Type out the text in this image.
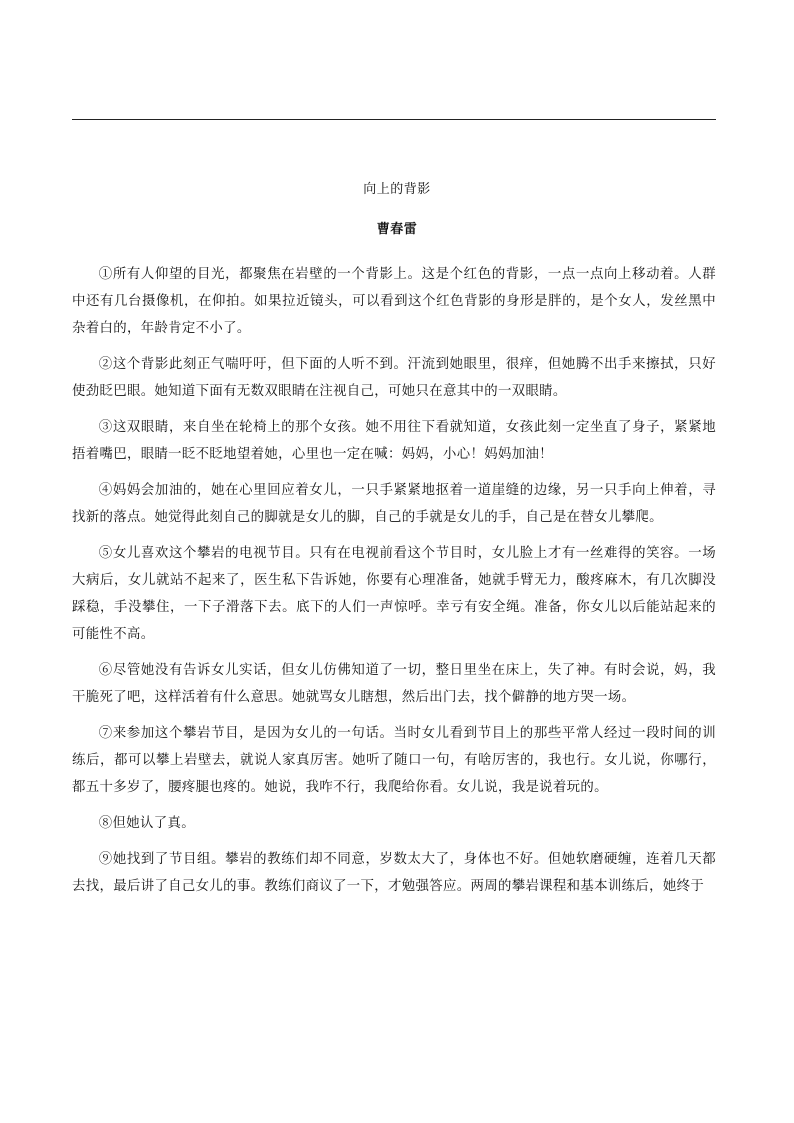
向上的背影
曹春雷

①所有人仰望的目光，都聚焦在岩壁的一个背影上。这是个红色的背影，一点一点向上移动着。人群中还有几台摄像机，在仰拍。如果拉近镜头，可以看到这个红色背影的身形是胖的，是个女人，发丝黑中杂着白的，年龄肯定不小了。

②这个背影此刻正气喘吁吁，但下面的人听不到。汗流到她眼里，很痒，但她腾不出手来擦拭，只好使劲眨巴眼。她知道下面有无数双眼睛在注视自己，可她只在意其中的一双眼睛。

③这双眼睛，来自坐在轮椅上的那个女孩。她不用往下看就知道，女孩此刻一定坐直了身子，紧紧地捂着嘴巴，眼睛一眨不眨地望着她，心里也一定在喊：妈妈，小心！妈妈加油！

④妈妈会加油的，她在心里回应着女儿，一只手紧紧地抠着一道崖缝的边缘，另一只手向上伸着，寻找新的落点。她觉得此刻自己的脚就是女儿的脚，自己的手就是女儿的手，自己是在替女儿攀爬。

⑤女儿喜欢这个攀岩的电视节目。只有在电视前看这个节目时，女儿脸上才有一丝难得的笑容。一场大病后，女儿就站不起来了，医生私下告诉她，你要有心理准备，她就手臂无力，酸疼麻木，有几次脚没踩稳，手没攀住，一下子滑落下去。底下的人们一声惊呼。幸亏有安全绳。准备，你女儿以后能站起来的可能性不高。

⑥尽管她没有告诉女儿实话，但女儿仿佛知道了一切，整日里坐在床上，失了神。有时会说，妈，我干脆死了吧，这样活着有什么意思。她就骂女儿瞎想，然后出门去，找个僻静的地方哭一场。

⑦来参加这个攀岩节目，是因为女儿的一句话。当时女儿看到节目上的那些平常人经过一段时间的训练后，都可以攀上岩壁去，就说人家真厉害。她听了随口一句，有啥厉害的，我也行。女儿说，你哪行，都五十多岁了，腰疼腿也疼的。她说，我咋不行，我爬给你看。女儿说，我是说着玩的。

⑧但她认了真。

⑨她找到了节目组。攀岩的教练们却不同意，岁数太大了，身体也不好。但她软磨硬缠，连着几天都去找，最后讲了自己女儿的事。教练们商议了一下，才勉强答应。两周的攀岩课程和基本训练后，她终于
